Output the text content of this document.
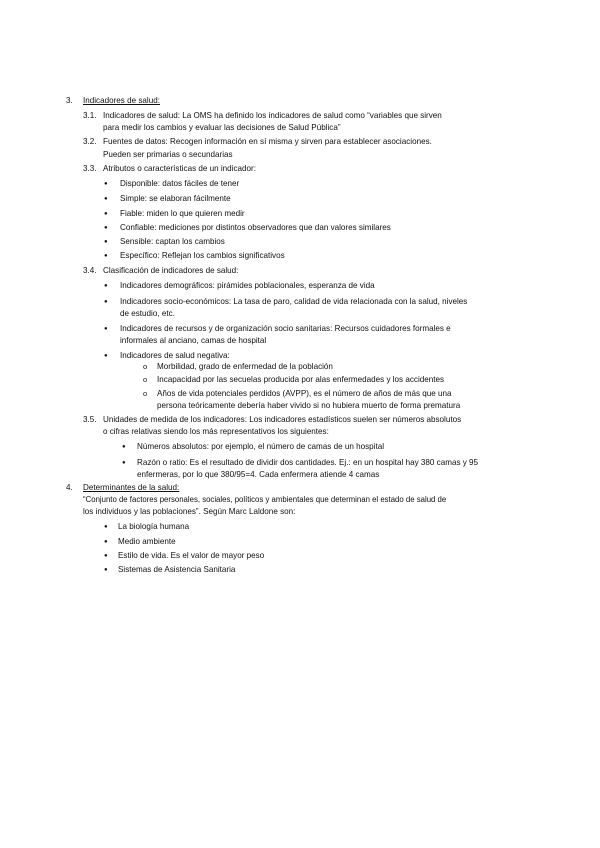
3. Indicadores de salud:
3.1. Indicadores de salud: La OMS ha definido los indicadores de salud como “variables que sirven
para medir los cambios y evaluar las decisiones de Salud Pública”
3.2. Fuentes de datos: Recogen información en sí misma y sirven para establecer asociaciones.
Pueden ser primarias o secundarias
3.3. Atributos o características de un indicador:
● Disponible: datos fáciles de tener
● Simple: se elaboran fácilmente
● Fiable: miden lo que quieren medir
● Confiable: mediciones por distintos observadores que dan valores similares
● Sensible: captan los cambios
● Específico: Reflejan los cambios significativos
3.4. Clasificación de indicadores de salud:
● Indicadores demográficos: pirámides poblacionales, esperanza de vida
● Indicadores socio-económicos: La tasa de paro, calidad de vida relacionada con la salud, niveles
de estudio, etc.
● Indicadores de recursos y de organización socio sanitarias: Recursos cuidadores formales e
informales al anciano, camas de hospital
● Indicadores de salud negativa:
o Morbilidad, grado de enfermedad de la población
o Incapacidad por las secuelas producida por alas enfermedades y los accidentes
o Años de vida potenciales perdidos (AVPP), es el número de años de más que una
persona teóricamente debería haber vivido si no hubiera muerto de forma prematura
3.5. Unidades de medida de los indicadores: Los indicadores estadísticos suelen ser números absolutos
o cifras relativas siendo los más representativos los siguientes:
● Números absolutos: por ejemplo, el número de camas de un hospital
● Razón o ratio: Es el resultado de dividir dos cantidades. Ej.: en un hospital hay 380 camas y 95
enfermeras, por lo que 380/95=4. Cada enfermera atiende 4 camas
4. Determinantes de la salud:
“Conjunto de factores personales, sociales, políticos y ambientales que determinan el estado de salud de
los individuos y las poblaciones”. Según Marc Laldone son:
● La biología humana
● Medio ambiente
● Estilo de vida. Es el valor de mayor peso
● Sistemas de Asistencia Sanitaria
